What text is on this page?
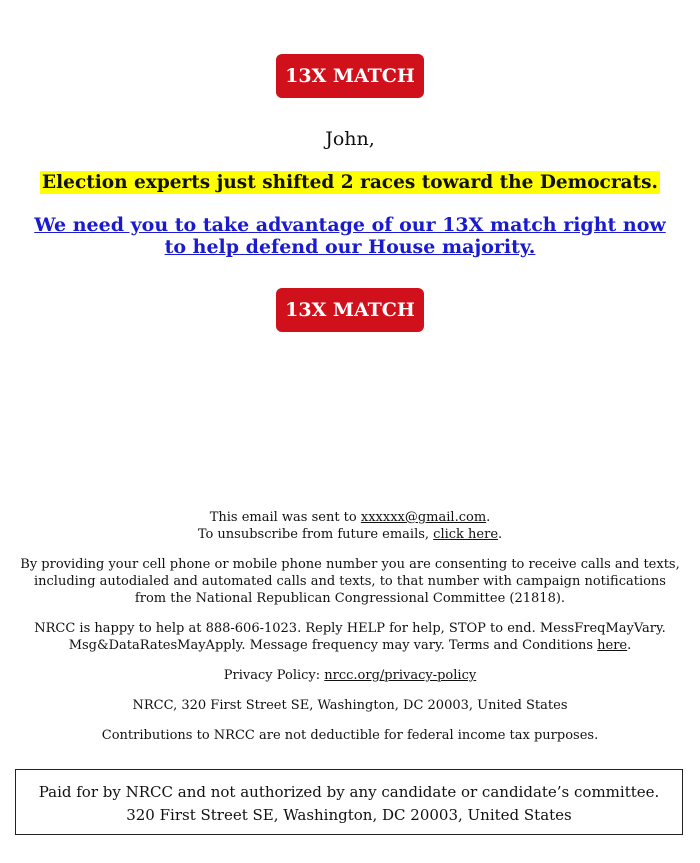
13X MATCH
John,
Election experts just shifted 2 races toward the Democrats.
We need you to take advantage of our 13X match right now to help defend our House majority.
13X MATCH

This email was sent to xxxxxx@gmail.com.
To unsubscribe from future emails, click here.

By providing your cell phone or mobile phone number you are consenting to receive calls and texts, including autodialed and automated calls and texts, to that number with campaign notifications from the National Republican Congressional Committee (21818).

NRCC is happy to help at 888-606-1023. Reply HELP for help, STOP to end. MessFreqMayVary. Msg&DataRatesMayApply. Message frequency may vary. Terms and Conditions here.

Privacy Policy: nrcc.org/privacy-policy

NRCC, 320 First Street SE, Washington, DC 20003, United States

Contributions to NRCC are not deductible for federal income tax purposes.

Paid for by NRCC and not authorized by any candidate or candidate’s committee. 320 First Street SE, Washington, DC 20003, United States
